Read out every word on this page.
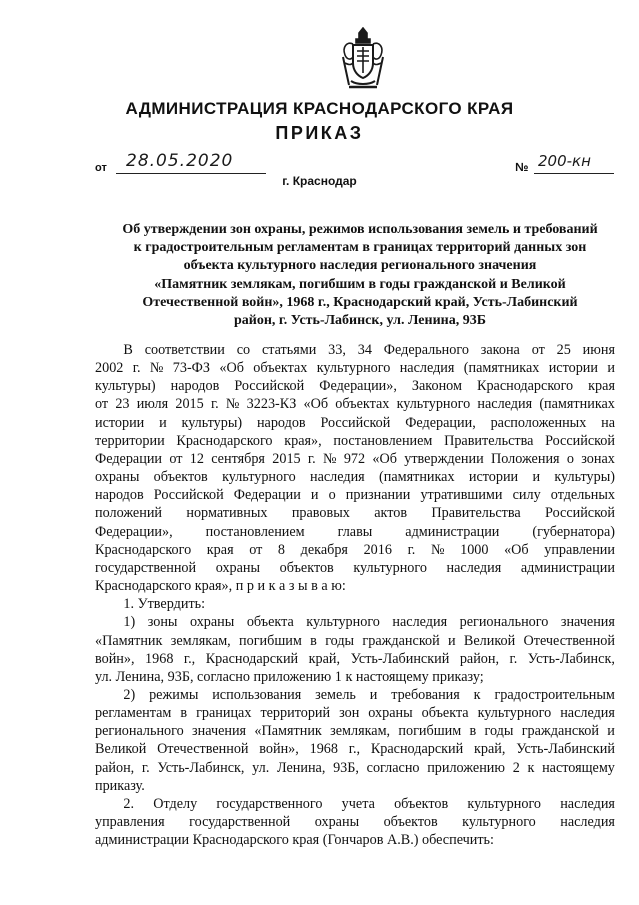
АДМИНИСТРАЦИЯ КРАСНОДАРСКОГО КРАЯ
ПРИКАЗ
от	28.05.2020	№ 200-кн
г. Краснодар
Об утверждении зон охраны, режимов использования земель и требований
к градостроительным регламентам в границах территорий данных зон
объекта культурного наследия регионального значения
«Памятник землякам, погибшим в годы гражданской и Великой
Отечественной войн», 1968 г., Краснодарский край, Усть-Лабинский
район, г. Усть-Лабинск, ул. Ленина, 93Б
В соответствии со статьями 33, 34 Федерального закона от 25 июня
2002 г. № 73-ФЗ «Об объектах культурного наследия (памятниках истории и
культуры) народов Российской Федерации», Законом Краснодарского края
от 23 июля 2015 г. № 3223-КЗ «Об объектах культурного наследия (памятниках
истории и культуры) народов Российской Федерации, расположенных на
территории Краснодарского края», постановлением Правительства Российской
Федерации от 12 сентября 2015 г. № 972 «Об утверждении Положения о зонах
охраны объектов культурного наследия (памятниках истории и культуры)
народов Российской Федерации и о признании утратившими силу отдельных
положений нормативных правовых актов Правительства Российской
Федерации», постановлением главы администрации (губернатора)
Краснодарского края от 8 декабря 2016 г. № 1000 «Об управлении
государственной охраны объектов культурного наследия администрации
Краснодарского края», п р и к а з ы в а ю:
1. Утвердить:
1) зоны охраны объекта культурного наследия регионального значения
«Памятник землякам, погибшим в годы гражданской и Великой Отечественной
войн», 1968 г., Краснодарский край, Усть-Лабинский район, г. Усть-Лабинск,
ул. Ленина, 93Б, согласно приложению 1 к настоящему приказу;
2) режимы использования земель и требования к градостроительным
регламентам в границах территорий зон охраны объекта культурного наследия
регионального значения «Памятник землякам, погибшим в годы гражданской и
Великой Отечественной войн», 1968 г., Краснодарский край, Усть-Лабинский
район, г. Усть-Лабинск, ул. Ленина, 93Б, согласно приложению 2 к настоящему
приказу.
2. Отделу государственного учета объектов культурного наследия
управления государственной охраны объектов культурного наследия
администрации Краснодарского края (Гончаров А.В.) обеспечить:
